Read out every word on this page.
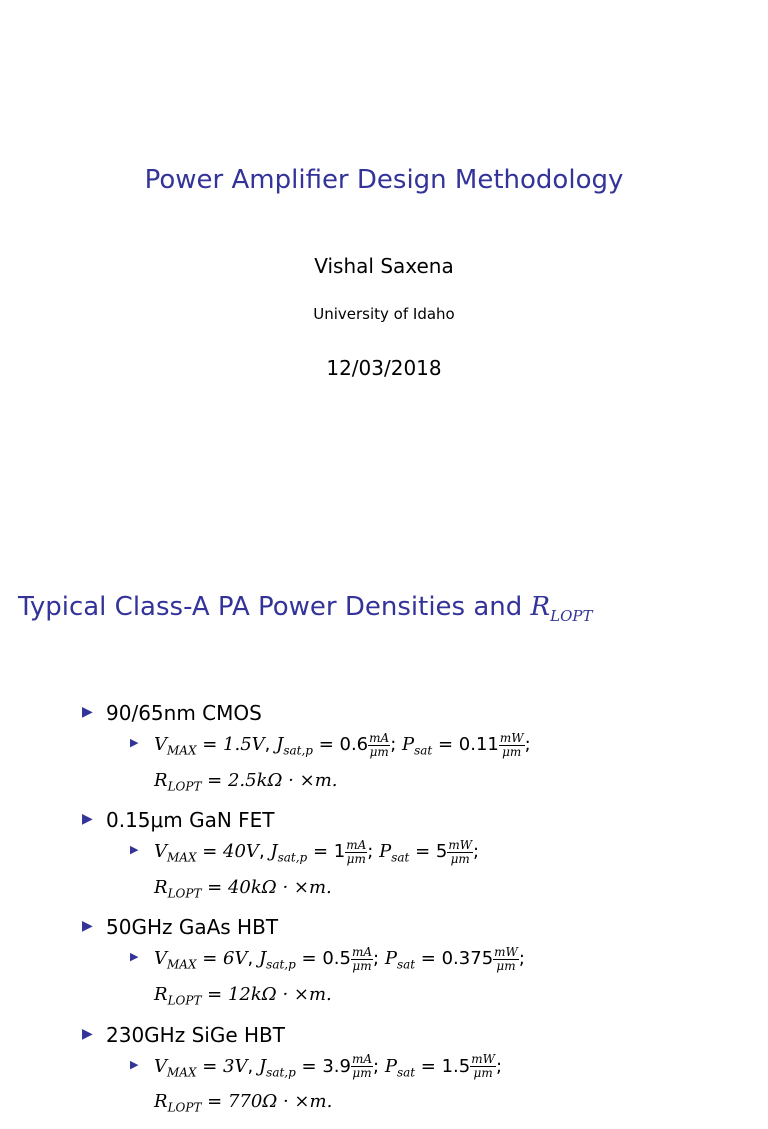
Power Amplifier Design Methodology
Vishal Saxena
University of Idaho
12/03/2018
Typical Class-A PA Power Densities and $R_{LOPT}$
▶ 90/65nm CMOS
▶ $V_{MAX} = 1.5V$, $J_{sat,p} = 0.6 \frac{mA}{\mu m}$ ; $P_{sat} = 0.11 \frac{mW}{\mu m}$ ;
$R_{LOPT} = 2.5k\Omega \cdot \times m$.
▶ 0.15μm GaN FET
▶ $V_{MAX} = 40V$, $J_{sat,p} = 1 \frac{mA}{\mu m}$ ; $P_{sat} = 5 \frac{mW}{\mu m}$ ;
$R_{LOPT} = 40k\Omega \cdot \times m$.
▶ 50GHz GaAs HBT
▶ $V_{MAX} = 6V$, $J_{sat,p} = 0.5 \frac{mA}{\mu m}$ ; $P_{sat} = 0.375 \frac{mW}{\mu m}$ ;
$R_{LOPT} = 12k\Omega \cdot \times m$.
▶ 230GHz SiGe HBT
▶ $V_{MAX} = 3V$, $J_{sat,p} = 3.9 \frac{mA}{\mu m}$ ; $P_{sat} = 1.5 \frac{mW}{\mu m}$ ;
$R_{LOPT} = 770\Omega \cdot \times m$.
